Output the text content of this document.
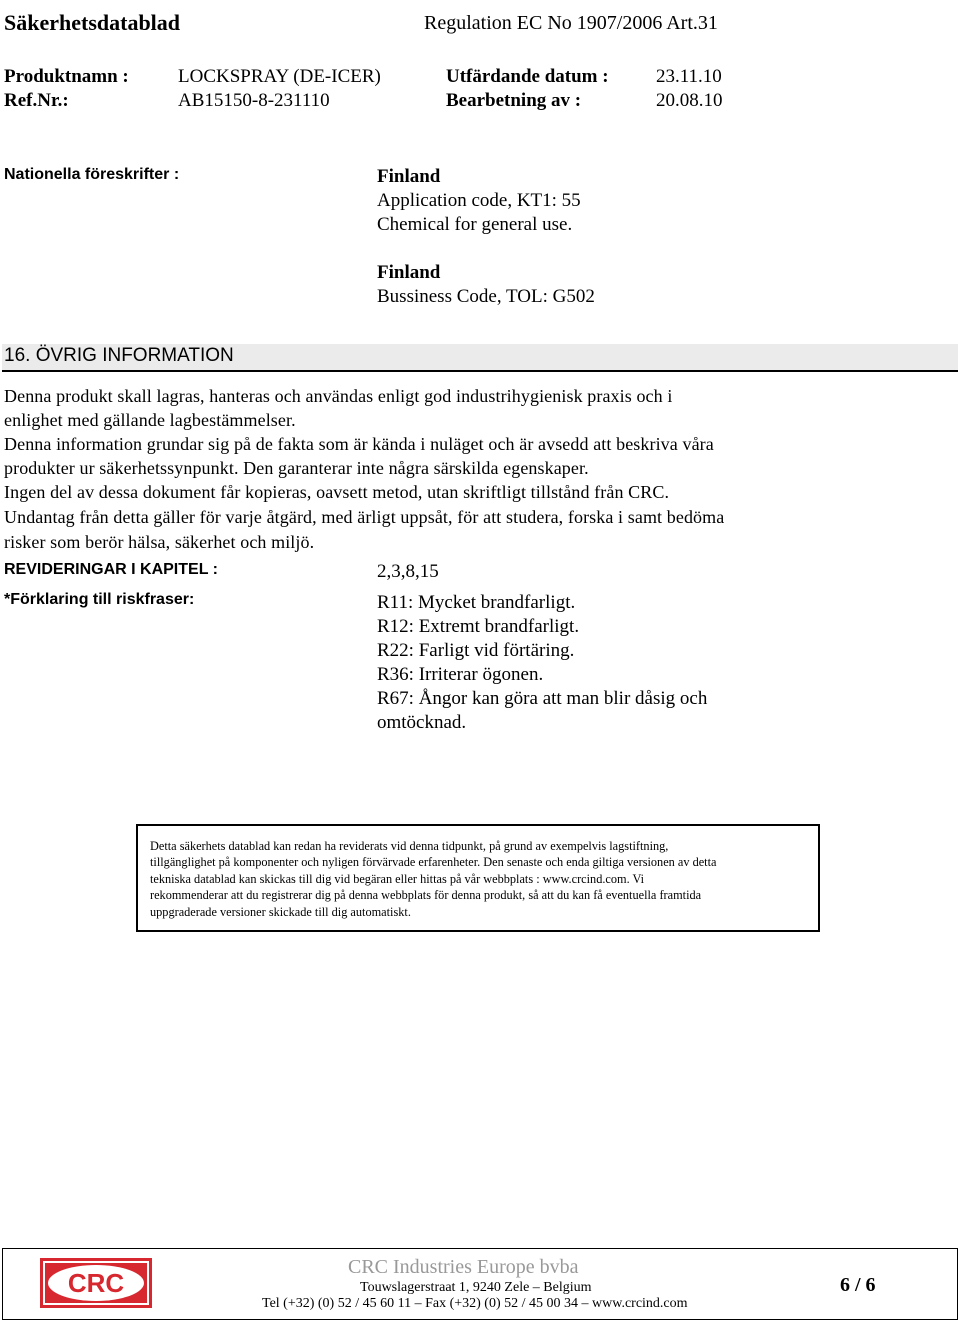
Säkerhetsdatablad	Regulation EC No 1907/2006 Art.31
Produktnamn :	LOCKSPRAY (DE-ICER)	Utfärdande datum : 23.11.10
Ref.Nr.:	AB15150-8-231110	Bearbetning av :	20.08.10
Nationella föreskrifter :	Finland
Application code, KT1: 55
Chemical for general use.
Finland
Bussiness Code, TOL: G502
16. ÖVRIG INFORMATION
Denna produkt skall lagras, hanteras och användas enligt god industrihygienisk praxis och i
enlighet med gällande lagbestämmelser.
Denna information grundar sig på de fakta som är kända i nuläget och är avsedd att beskriva våra
produkter ur säkerhetssynpunkt. Den garanterar inte några särskilda egenskaper.
Ingen del av dessa dokument får kopieras, oavsett metod, utan skriftligt tillstånd från CRC.
Undantag från detta gäller för varje åtgärd, med ärligt uppsåt, för att studera, forska i samt bedöma
risker som berör hälsa, säkerhet och miljö.
REVIDERINGAR I KAPITEL :	2,3,8,15
*Förklaring till riskfraser:	R11: Mycket brandfarligt.
R12: Extremt brandfarligt.
R22: Farligt vid förtäring.
R36: Irriterar ögonen.
R67: Ångor kan göra att man blir dåsig och
omtöcknad.
Detta säkerhets datablad kan redan ha reviderats vid denna tidpunkt, på grund av exempelvis lagstiftning,
tillgänglighet på komponenter och nyligen förvärvade erfarenheter. Den senaste och enda giltiga versionen av detta
tekniska datablad kan skickas till dig vid begäran eller hittas på vår webbplats : www.crcind.com. Vi
rekommenderar att du registrerar dig på denna webbplats för denna produkt, så att du kan få eventuella framtida
uppgraderade versioner skickade till dig automatiskt.
CRC
CRC Industries Europe bvba
Touwslagerstraat 1, 9240 Zele – Belgium
Tel (+32) (0) 52 / 45 60 11 – Fax (+32) (0) 52 / 45 00 34 – www.crcind.com
6 / 6
